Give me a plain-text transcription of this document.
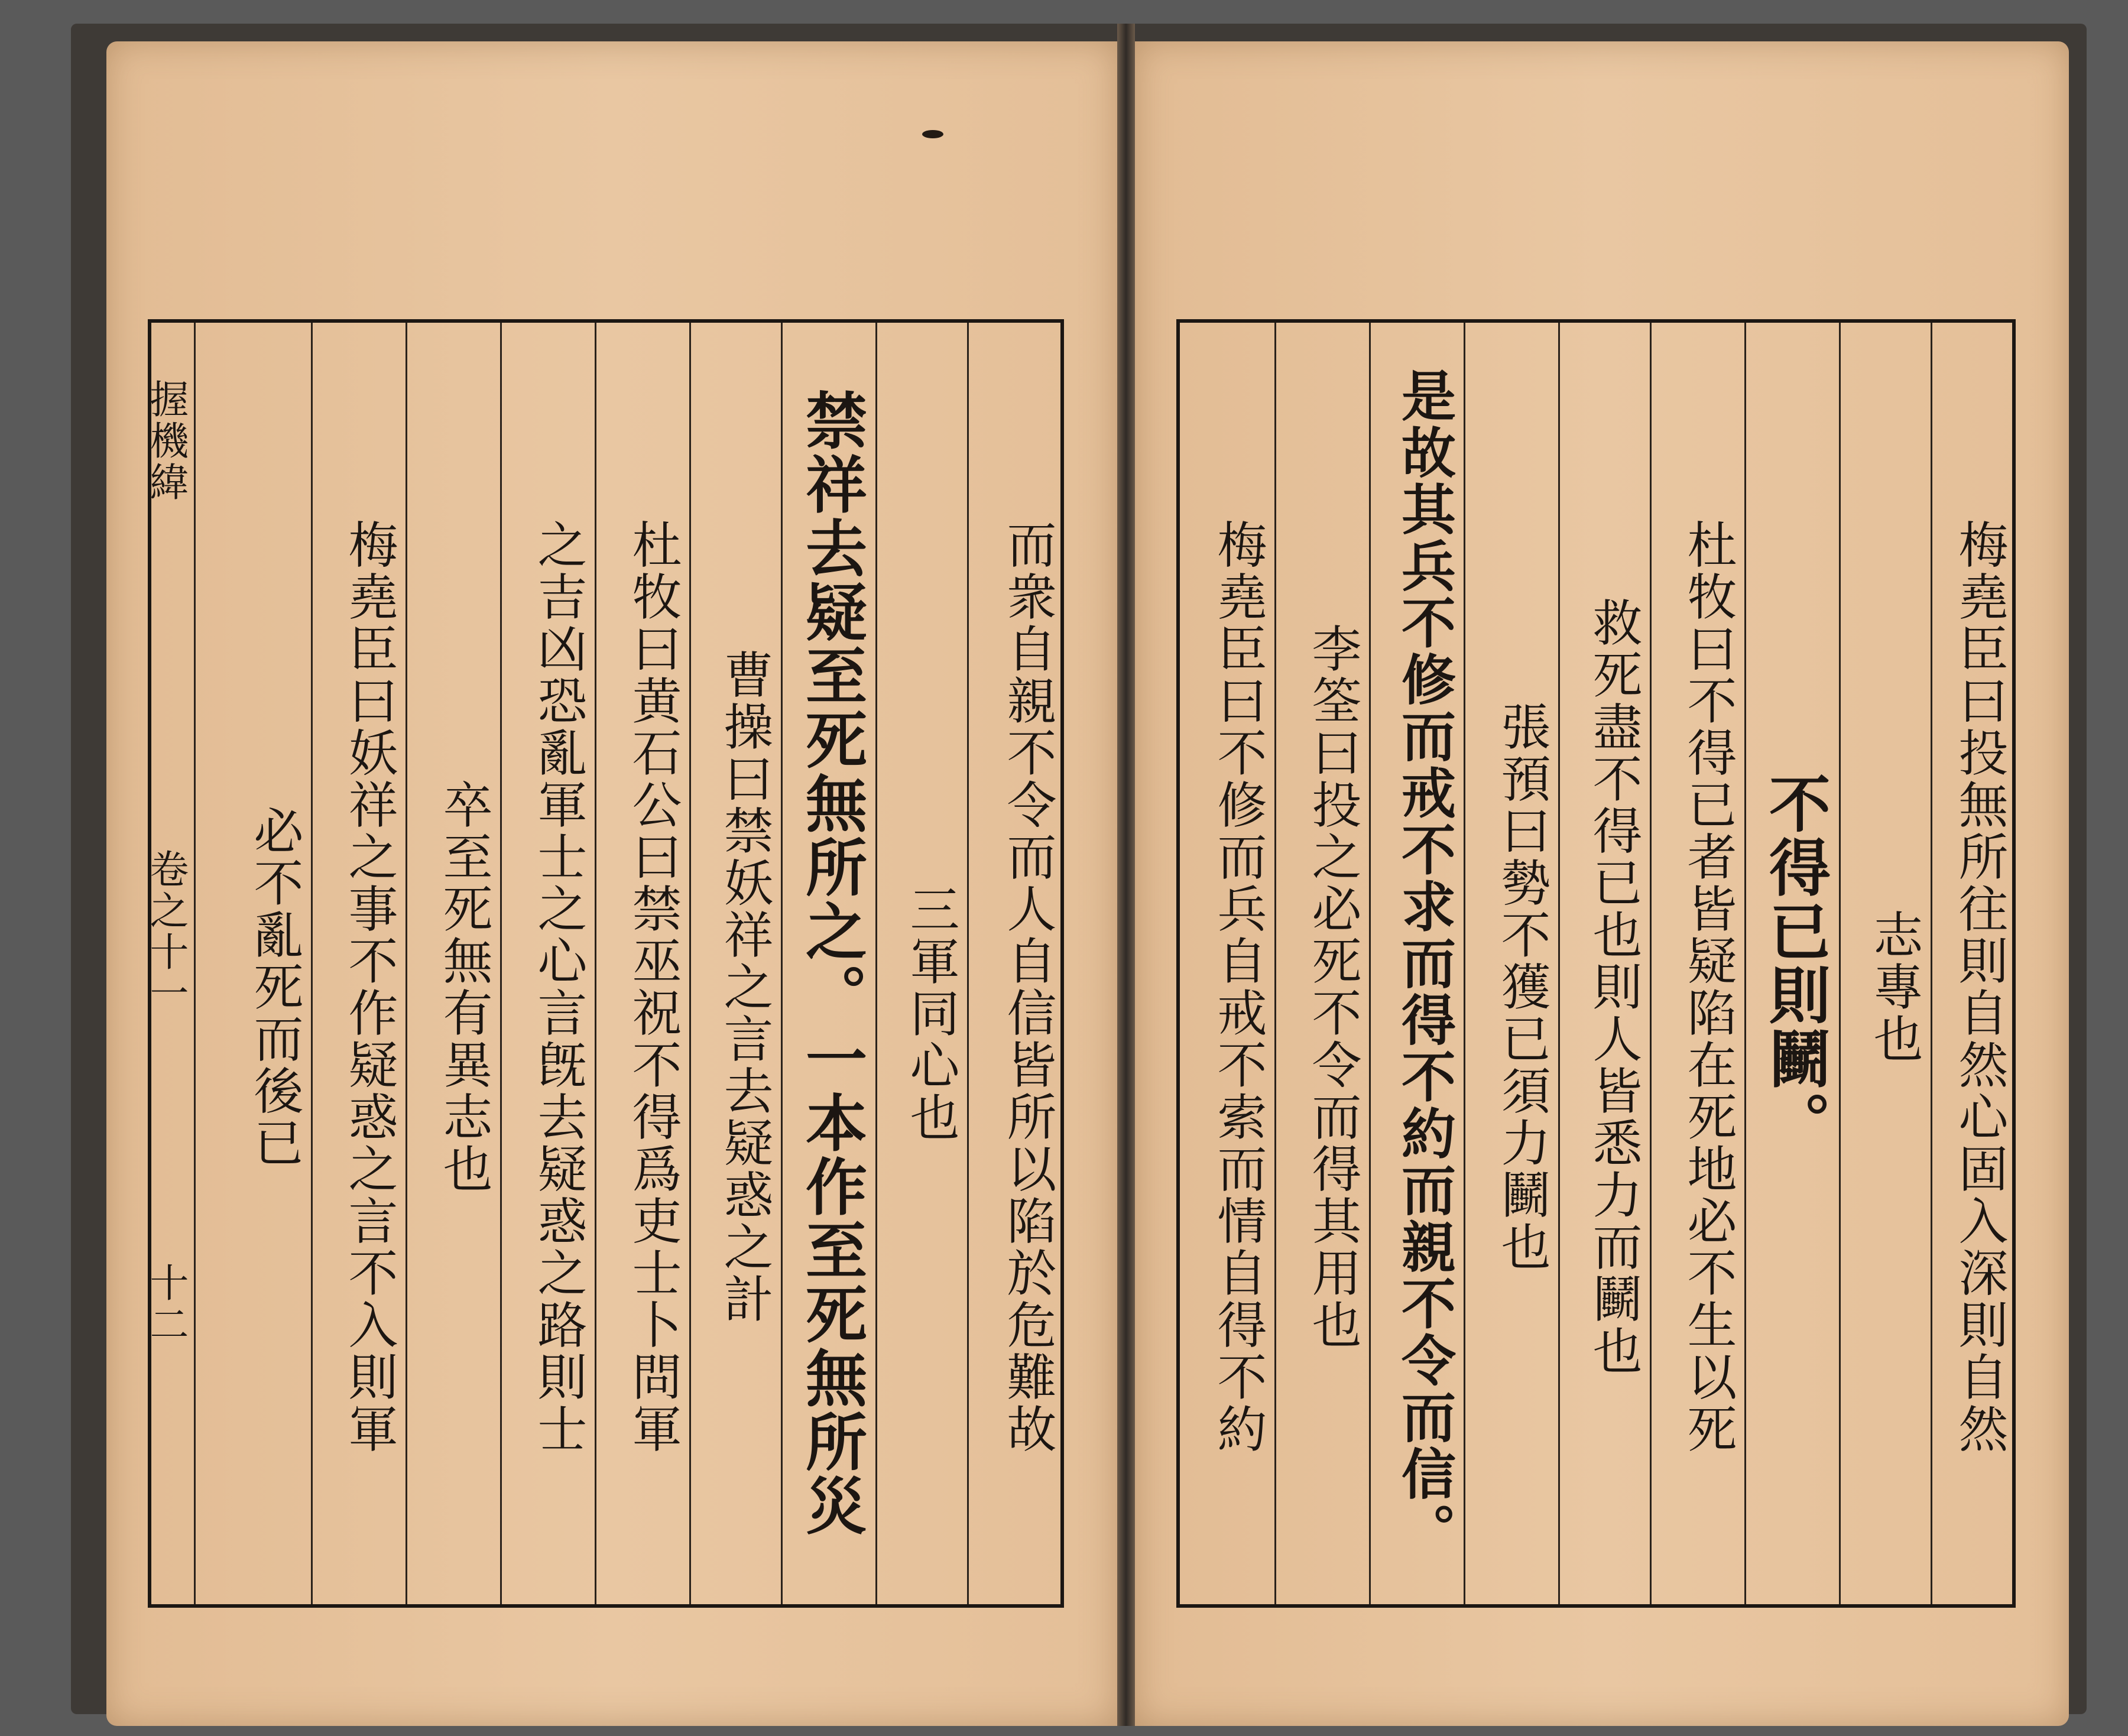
握機緯
卷之十一
十二	而衆自親不令而人自信皆所以陷於危難故
三軍同心也
禁祥去疑至死無所之。一本作至死無所災
曹操曰禁妖祥之言去疑惑之計
杜牧曰黄石公曰禁巫祝不得爲吏士卜問軍
之吉凶恐亂軍士之心言旣去疑惑之路則士
卒至死無有異志也
梅堯臣曰妖祥之事不作疑惑之言不入則軍
必不亂死而後已	梅堯臣曰投無所往則自然心固入深則自然
志專也
不得已則鬭。
杜牧曰不得已者皆疑陷在死地必不生以死
救死盡不得已也則人皆悉力而鬭也
張預曰勢不獲已須力鬭也
是故其兵不修而戒不求而得不約而親不令而信。
李筌曰投之必死不令而得其用也
梅堯臣曰不修而兵自戒不索而情自得不約
